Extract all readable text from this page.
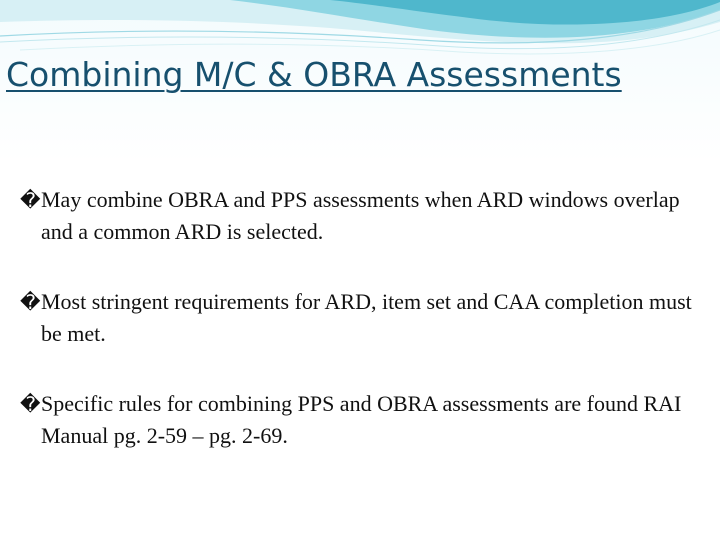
Combining M/C & OBRA Assessments
� May combine OBRA and PPS assessments when ARD windows overlap and a common ARD is selected.
� Most stringent requirements for ARD, item set and CAA completion must be met.
� Specific rules for combining PPS and OBRA assessments are found RAI Manual pg. 2-59 – pg. 2-69.
